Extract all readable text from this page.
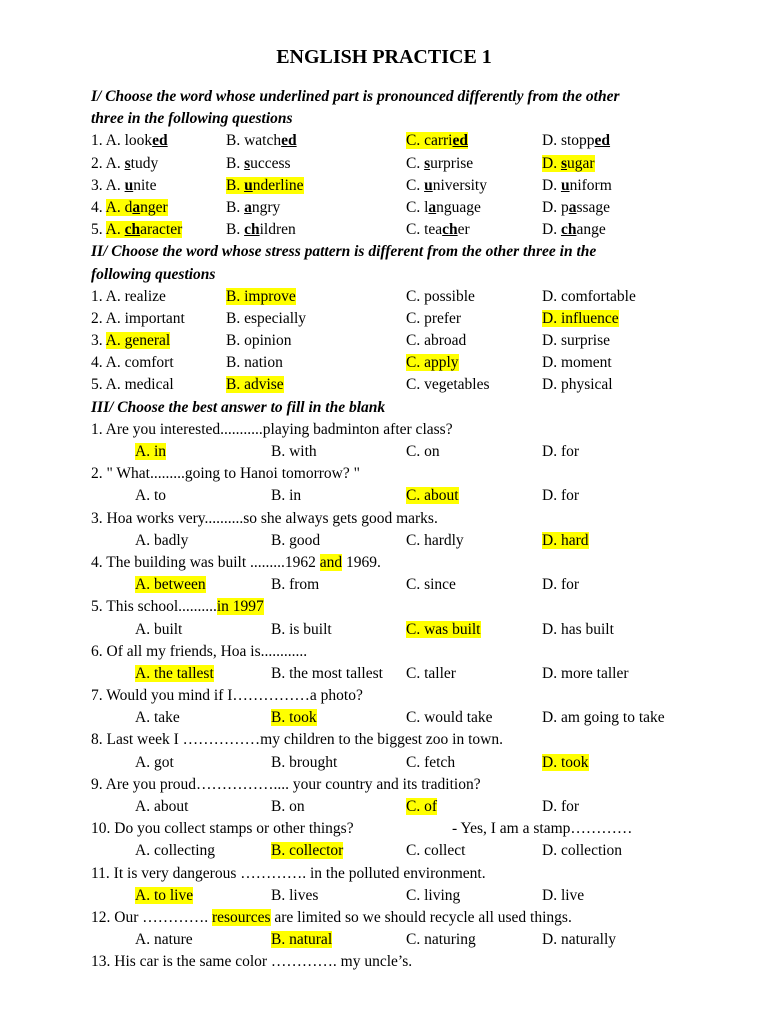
ENGLISH PRACTICE 1
I/ Choose the word whose underlined part is pronounced differently from the other
three in the following questions
1. A. looked	B. watched	C. carried	D. stopped
2. A. study	B. success	C. surprise	D. sugar
3. A. unite	B. underline	C. university	D. uniform
4. A. danger	B. angry	C. language	D. passage
5. A. character	B. children	C. teacher	D. change
II/ Choose the word whose stress pattern is different from the other three in the
following questions
1. A. realize	B. improve	C. possible	D. comfortable
2. A. important	B. especially	C. prefer	D. influence
3. A. general	B. opinion	C. abroad	D. surprise
4. A. comfort	B. nation	C. apply	D. moment
5. A. medical	B. advise	C. vegetables	D. physical
III/ Choose the best answer to fill in the blank
1. Are you interested...........playing badminton after class?
A. in	B. with	C. on	D. for
2. " What.........going to Hanoi tomorrow? "
A. to	B. in	C. about	D. for
3. Hoa works very..........so she always gets good marks.
A. badly	B. good	C. hardly	D. hard
4. The building was built .........1962 and 1969.
A. between	B. from	C. since	D. for
5. This school..........in 1997
A. built	B. is built	C. was built	D. has built
6. Of all my friends, Hoa is............
A. the tallest	B. the most tallest C. taller	D. more taller
7. Would you mind if I……………a photo?
A. take	B. took	C. would take	D. am going to take
8. Last week I ……………my children to the biggest zoo in town.
A. got	B. brought	C. fetch	D. took
9. Are you proud…………….... your country and its tradition?
A. about	B. on	C. of	D. for
10. Do you collect stamps or other things?	- Yes, I am a stamp…………
A. collecting	B. collector	C. collect	D. collection
11. It is very dangerous …………. in the polluted environment.
A. to live	B. lives	C. living	D. live
12. Our …………. resources are limited so we should recycle all used things.
A. nature	B. natural	C. naturing	D. naturally
13. His car is the same color …………. my uncle’s.
